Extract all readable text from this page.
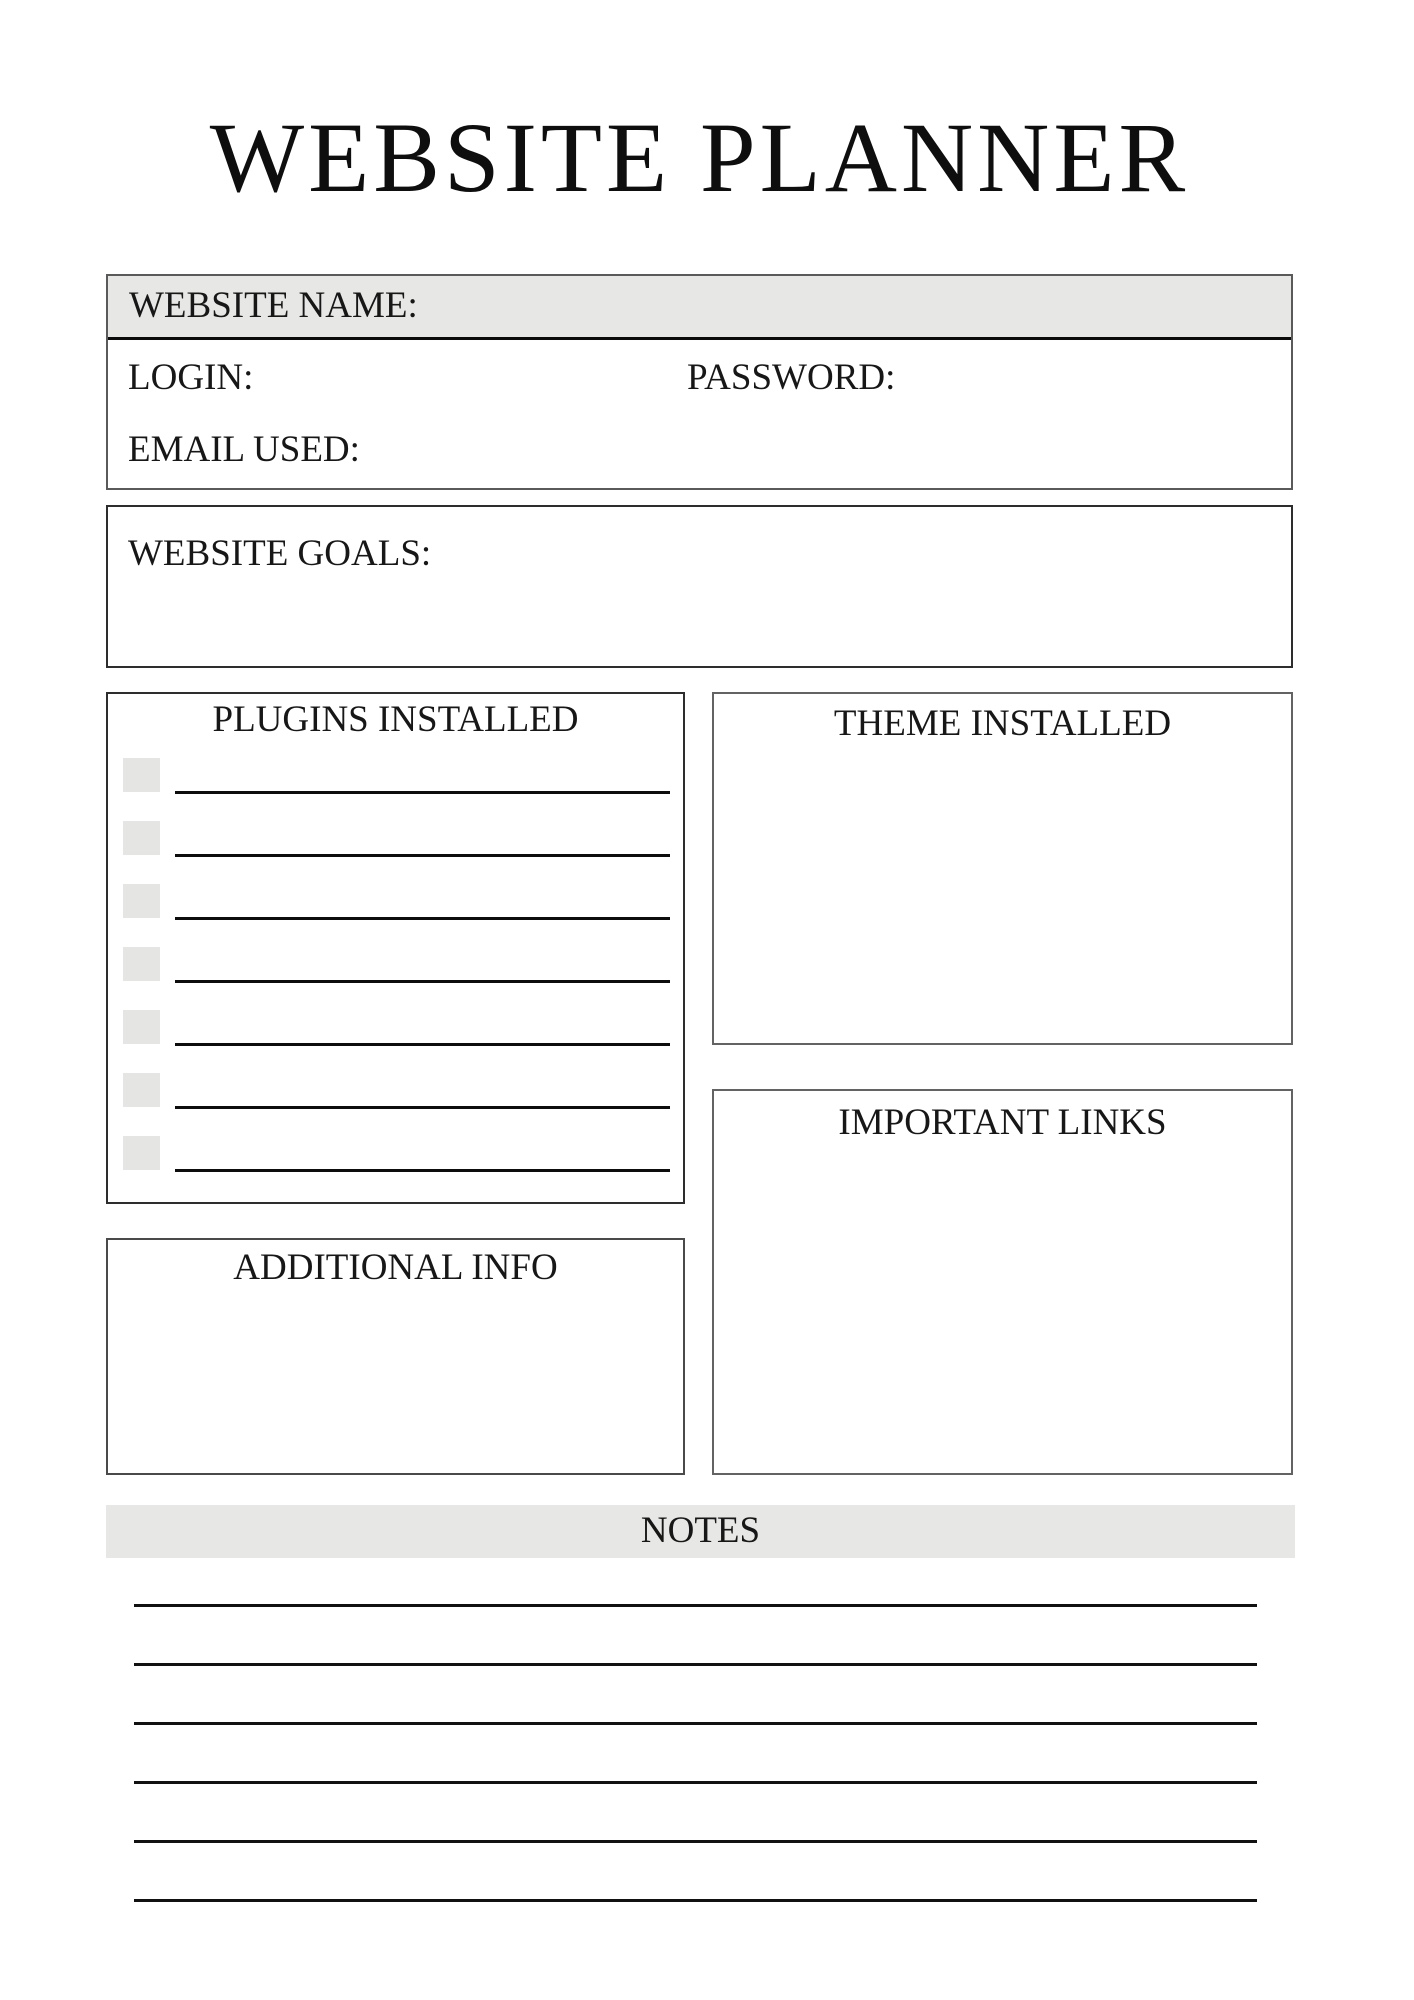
WEBSITE PLANNER
WEBSITE NAME:
LOGIN:	PASSWORD:
EMAIL USED:
WEBSITE GOALS:
PLUGINS INSTALLED	THEME INSTALLED
IMPORTANT LINKS
ADDITIONAL INFO
NOTES
